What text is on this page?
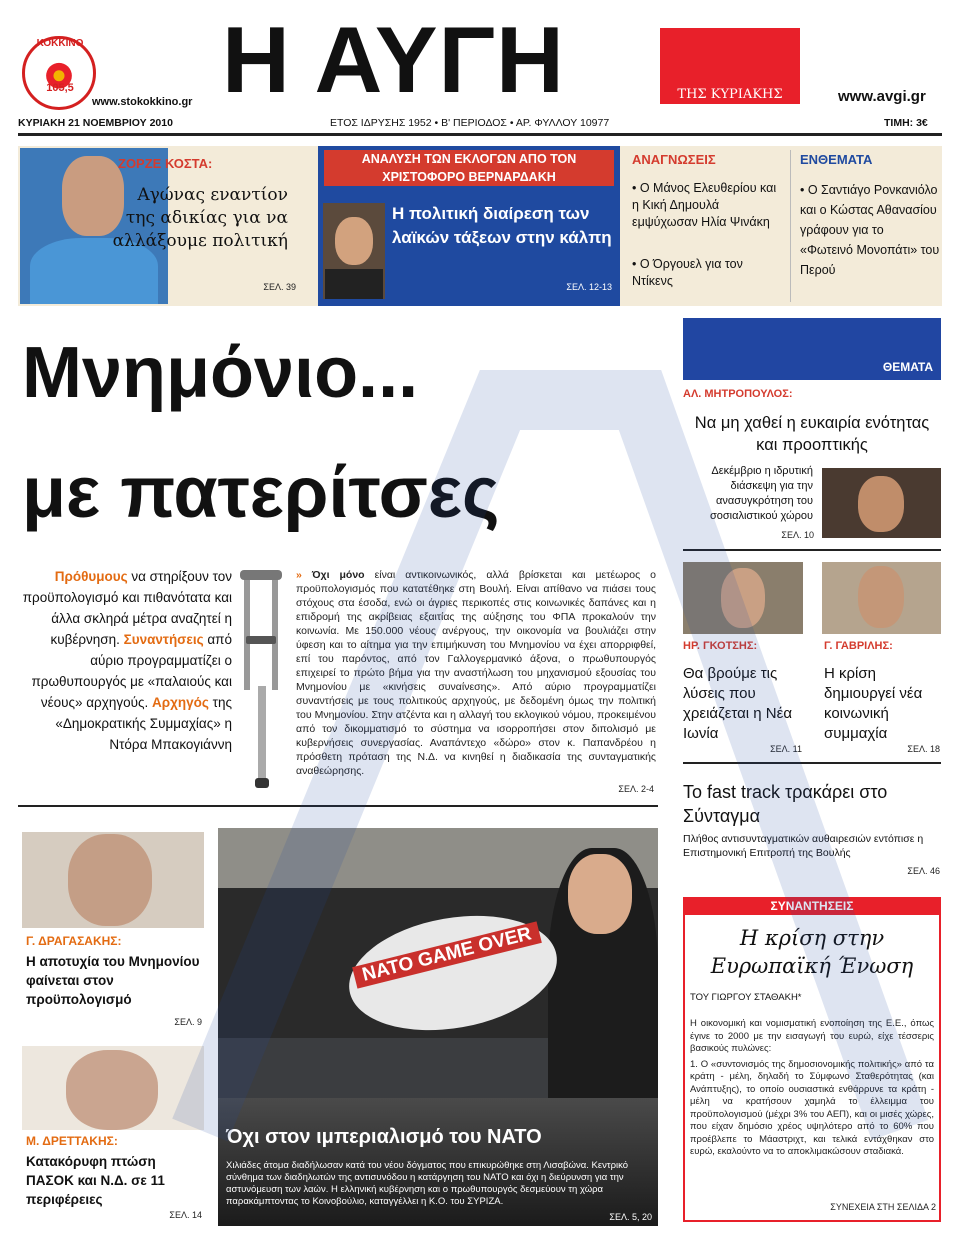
ΚΟΚΚΙΝΟ
105,5
www.stokokkino.gr Η ΑΥΓΗ	ΤΗΣ ΚΥΡΙΑΚΗΣ	www.avgi.gr
ΚΥΡΙΑΚΗ 21 ΝΟΕΜΒΡΙΟΥ 2010	ΕΤΟΣ ΙΔΡΥΣΗΣ 1952 • Β' ΠΕΡΙΟΔΟΣ • ΑΡ. ΦΥΛΛΟΥ 10977	ΤΙΜΗ: 3€
ΖΟΡΖΕ ΚΟΣΤΑ:
Αγώνας εναντίον της αδικίας για να αλλάξουμε πολιτική
ΣΕΛ. 39
ΑΝΑΛΥΣΗ ΤΩΝ ΕΚΛΟΓΩΝ ΑΠΟ ΤΟΝ ΧΡΙΣΤΟΦΟΡΟ ΒΕΡΝΑΡΔΑΚΗ
Η πολιτική διαίρεση των λαϊκών τάξεων στην κάλπη
ΣΕΛ. 12-13
ΑΝΑΓΝΩΣΕΙΣ
• Ο Μάνος Ελευθερίου και η Κική Δημουλά εμψύχωσαν Ηλία Ψινάκη
• Ο Όργουελ για τον Ντίκενς
ΕΝΘΕΜΑΤΑ
• Ο Σαντιάγο Ρονκανιόλο και ο Κώστας Αθανασίου γράφουν για το «Φωτεινό Μονοπάτι» του Περού
Μνημόνιο...
με πατερίτσες
Πρόθυμους να στηρίξουν τον προϋπολογισμό και πιθανότατα και άλλα σκληρά μέτρα αναζητεί η κυβέρνηση. Συναντήσεις από αύριο προγραμματίζει ο πρωθυπουργός με «παλαιούς και νέους» αρχηγούς. Αρχηγός της «Δημοκρατικής Συμμαχίας» η Ντόρα Μπακογιάννη
» Όχι μόνο είναι αντικοινωνικός, αλλά βρίσκεται και μετέωρος ο προϋπολογισμός που κατατέθηκε στη Βουλή. Είναι απίθανο να πιάσει τους στόχους στα έσοδα, ενώ οι άγριες περικοπές στις κοινωνικές δαπάνες και η επιδρομή της ακρίβειας εξαιτίας της αύξησης του ΦΠΑ προκαλούν την κοινωνία. Με 150.000 νέους ανέργους, την οικονομία να βουλιάζει στην ύφεση και το αίτημα για την επιμήκυνση του Μνημονίου να έχει απορριφθεί, επί του παρόντος, από τον Γαλλογερμανικό άξονα, ο πρωθυπουργός επιχειρεί το πρώτο βήμα για την αναστήλωση του μηχανισμού εξουσίας του Μνημονίου με «κινήσεις συναίνεσης». Από αύριο προγραμματίζει συναντήσεις με τους πολιτικούς αρχηγούς, με δεδομένη όμως την πολιτική του Μνημονίου. Στην ατζέντα και η αλλαγή του εκλογικού νόμου, προκειμένου από τον δικομματισμό το σύστημα να ισορροπήσει στον διπολισμό με κυβερνήσεις συνεργασίας. Αναπάντεχο «δώρο» στον κ. Παπανδρέου η πρόσθετη πρόταση της Ν.Δ. να κινηθεί η διαδικασία της συνταγματικής αναθεώρησης.
ΣΕΛ. 2-4
ΘΕΜΑΤΑ
ΑΛ. ΜΗΤΡΟΠΟΥΛΟΣ:
Να μη χαθεί η ευκαιρία ενότητας και προοπτικής
Δεκέμβριο η ιδρυτική διάσκεψη για την ανασυγκρότηση του σοσιαλιστικού χώρου
ΣΕΛ. 10
ΗΡ. ΓΚΟΤΣΗΣ:
Θα βρούμε τις λύσεις που χρειάζεται η Νέα Ιωνία
ΣΕΛ. 11
Γ. ΓΑΒΡΙΛΗΣ:
Η κρίση δημιουργεί νέα κοινωνική συμμαχία
ΣΕΛ. 18
Το fast track τρακάρει στο Σύνταγμα
Πλήθος αντισυνταγματικών αυθαιρεσιών εντόπισε η Επιστημονική Επιτροπή της Βουλής
ΣΕΛ. 46
ΣΥΝΑΝΤΗΣΕΙΣ
Η κρίση στην Ευρωπαϊκή Ένωση
ΤΟΥ ΓΙΩΡΓΟΥ ΣΤΑΘΑΚΗ*
Η οικονομική και νομισματική ενοποίηση της Ε.Ε., όπως έγινε το 2000 με την εισαγωγή του ευρώ, είχε τέσσερις βασικούς πυλώνες:
1. Ο «συντονισμός της δημοσιονομικής πολιτικής» από τα κράτη - μέλη, δηλαδή το Σύμφωνο Σταθερότητας (και Ανάπτυξης), το οποίο ουσιαστικά ενθάρρυνε τα κράτη - μέλη να κρατήσουν χαμηλά το έλλειμμα του προϋπολογισμού (μέχρι 3% του ΑΕΠ), και οι μισές χώρες, που είχαν δημόσιο χρέος υψηλότερο από το 60% που προέβλεπε το Μάαστριχτ, και τελικά εντάχθηκαν στο ευρώ, εκαλούντο να το αποκλιμακώσουν σταδιακά.
ΣΥΝΕΧΕΙΑ ΣΤΗ ΣΕΛΙΔΑ 2
Γ. ΔΡΑΓΑΣΑΚΗΣ:
Η αποτυχία του Μνημονίου φαίνεται στον προϋπολογισμό
ΣΕΛ. 9
Μ. ΔΡΕΤΤΑΚΗΣ:
Κατακόρυφη πτώση ΠΑΣΟΚ και Ν.Δ. σε 11 περιφέρειες
ΣΕΛ. 14
NATO GAME OVER
Όχι στον ιμπεριαλισμό του ΝΑΤΟ
Χιλιάδες άτομα διαδήλωσαν κατά του νέου δόγματος που επικυρώθηκε στη Λισαβώνα. Κεντρικό σύνθημα των διαδηλωτών της αντισυνόδου η κατάργηση του ΝΑΤΟ και όχι η διεύρυνση για την αστυνόμευση των λαών. Η ελληνική κυβέρνηση και ο πρωθυπουργός δεσμεύουν τη χώρα παρακάμπτοντας το Κοινοβούλιο, καταγγέλλει η Κ.Ο. του ΣΥΡΙΖΑ.
ΣΕΛ. 5, 20
